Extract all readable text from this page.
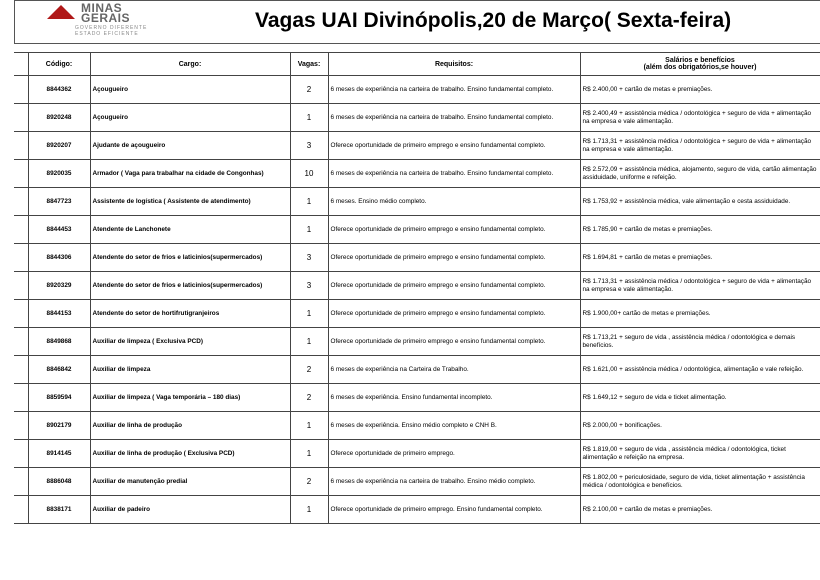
MINAS
GERAIS
GOVERNO DIFERENTE
ESTADO EFICIENTE
Vagas UAI Divinópolis,20 de Março( Sexta-feira)
	Código:	Cargo:	Vagas:	Requisitos:	Salários e benefícios
(além dos obrigatórios,se houver)

	8844362	Açougueiro	2	6 meses de experiência na carteira de trabalho. Ensino fundamental completo.	R$ 2.400,00 + cartão de metas e premiações.
	8920248	Açougueiro	1	6 meses de experiência na carteira de trabalho. Ensino fundamental completo.	R$ 2.400,49 + assistência médica / odontológica + seguro de vida + alimentação na empresa e vale alimentação.
	8920207	Ajudante de açougueiro	3	Oferece oportunidade de primeiro emprego e ensino fundamental completo.	R$ 1.713,31 + assistência médica / odontológica + seguro de vida + alimentação na empresa e vale alimentação.
	8920035	Armador ( Vaga para trabalhar na cidade de Congonhas)	10	6 meses de experiência na carteira de trabalho. Ensino fundamental completo.	R$ 2.572,09 + assistência médica, alojamento, seguro de vida, cartão alimentação assiduidade, uniforme e refeição.
	8847723	Assistente de logística ( Assistente de atendimento)	1	6 meses. Ensino médio completo.	R$ 1.753,92 + assistência médica, vale alimentação e cesta assiduidade.
	8844453	Atendente de Lanchonete	1	Oferece oportunidade de primeiro emprego e ensino fundamental completo.	R$ 1.785,90 + cartão de metas e premiações.
	8844306	Atendente do setor de frios e laticinios(supermercados)	3	Oferece oportunidade de primeiro emprego e ensino fundamental completo.	R$ 1.694,81 + cartão de metas e premiações.
	8920329	Atendente do setor de frios e laticinios(supermercados)	3	Oferece oportunidade de primeiro emprego e ensino fundamental completo.	R$ 1.713,31 + assistência médica / odontológica + seguro de vida + alimentação na empresa e vale alimentação.
	8844153	Atendente do setor de hortifrutigranjeiros	1	Oferece oportunidade de primeiro emprego e ensino fundamental completo.	R$ 1.900,00+ cartão de metas e premiações.
	8849868	Auxiliar de limpeza ( Exclusiva PCD)	1	Oferece oportunidade de primeiro emprego e ensino fundamental completo.	R$ 1.713,21 + seguro de vida , assistência médica / odontológica e demais benefícios.
	8846842	Auxiliar de limpeza	2	6 meses de experiência na Carteira de Trabalho.	R$ 1.621,00 + assistência médica / odontológica, alimentação e vale refeição.
	8859594	Auxiliar de limpeza ( Vaga temporária – 180 dias)	2	6 meses de experiência. Ensino fundamental incompleto.	R$ 1.649,12 + seguro de vida e ticket alimentação.
	8902179	Auxiliar de linha de produção	1	6 meses de experiência. Ensino médio completo e CNH B.	R$ 2.000,00 + bonificações.
	8914145	Auxiliar de linha de produção ( Exclusiva PCD)	1	Oferece oportunidade de primeiro emprego.	R$ 1.819,00 + seguro de vida , assistência médica / odontológica, ticket alimentação e refeição na empresa.
	8886048	Auxiliar de manutenção predial	2	6 meses de experiência na carteira de trabalho. Ensino médio completo.	R$ 1.802,00 + periculosidade, seguro de vida, ticket alimentação + assistência médica / odontológica e benefícios.
	8838171	Auxiliar de padeiro	1	Oferece oportunidade de primeiro emprego. Ensino fundamental completo.	R$ 2.100,00 + cartão de metas e premiações.
